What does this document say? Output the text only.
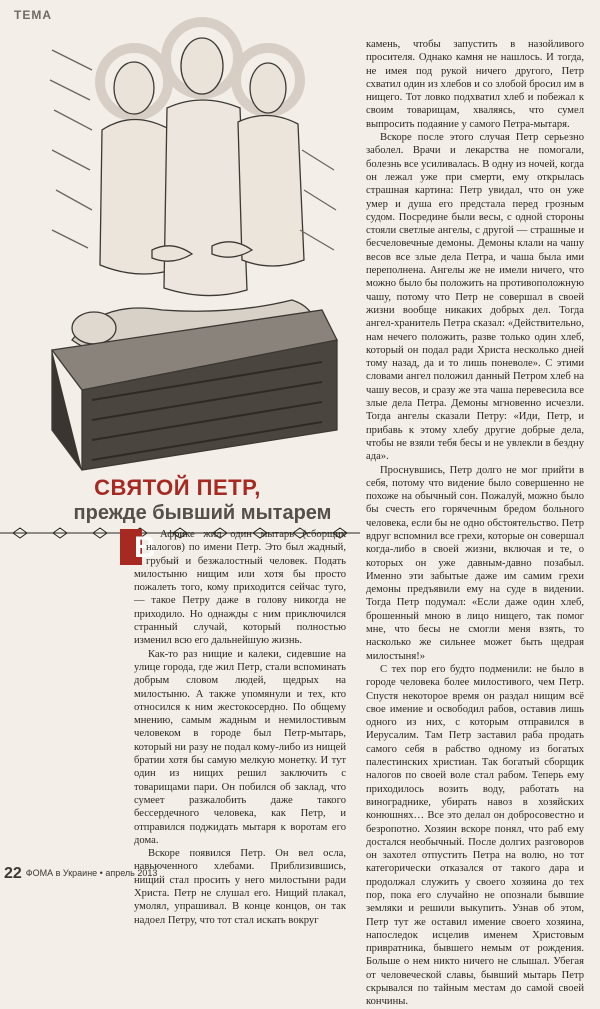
ТЕМА
СВЯТОЙ ПЕТР,
прежде бывший мытарем

В Африке жил один мытарь (сборщик налогов) по имени Петр. Это был жадный, грубый и безжалостный человек. Подать милостыню нищим или хотя бы просто пожалеть того, кому приходится сейчас туго, — такое Петру даже в голову никогда не приходило. Но однажды с ним приключился странный случай, который полностью изменил всю его дальнейшую жизнь.

Как-то раз нищие и калеки, сидевшие на улице города, где жил Петр, стали вспоминать добрым словом людей, щедрых на милостыню. А также упомянули и тех, кто относился к ним жестокосердно. По общему мнению, самым жадным и немилостивым человеком в городе был Петр-мытарь, который ни разу не подал кому-либо из нищей братии хотя бы самую мелкую монетку. И тут один из нищих решил заключить с товарищами пари. Он побился об заклад, что сумеет разжалобить даже такого бессердечного человека, как Петр, и отправился поджидать мытаря к воротам его дома.

Вскоре появился Петр. Он вел осла, навьюченного хлебами. Приблизившись, нищий стал просить у него милостыни ради Христа. Петр не слушал его. Нищий плакал, умолял, упрашивал. В конце концов, он так надоел Петру, что тот стал искать вокруг

камень, чтобы запустить в назойливого просителя. Однако камня не нашлось. И тогда, не имея под рукой ничего другого, Петр схватил один из хлебов и со злобой бросил им в нищего. Тот ловко подхватил хлеб и побежал к своим товарищам, хваляясь, что сумел выпросить подаяние у самого Петра-мытаря.

Вскоре после этого случая Петр серьезно заболел. Врачи и лекарства не помогали, болезнь все усиливалась. В одну из ночей, когда он лежал уже при смерти, ему открылась страшная картина: Петр увидал, что он уже умер и душа его предстала перед грозным судом. Посредине были весы, с одной стороны стояли светлые ангелы, с другой — страшные и бесчеловечные демоны. Демоны клали на чашу весов все злые дела Петра, и чаша была ими переполнена. Ангелы же не имели ничего, что можно было бы положить на противоположную чашу, потому что Петр не совершал в своей жизни вообще никаких добрых дел. Тогда ангел-хранитель Петра сказал: «Действительно, нам нечего положить, разве только один хлеб, который он подал ради Христа несколько дней тому назад, да и то лишь поневоле». С этими словами ангел положил данный Петром хлеб на чашу весов, и сразу же эта чаша перевесила все злые дела Петра. Демоны мгновенно исчезли. Тогда ангелы сказали Петру: «Иди, Петр, и прибавь к этому хлебу другие добрые дела, чтобы не взяли тебя бесы и не увлекли в бездну ада».

Проснувшись, Петр долго не мог прийти в себя, потому что видение было совершенно не похоже на обычный сон. Пожалуй, можно было бы счесть его горячечным бредом больного человека, если бы не одно обстоятельство. Петр вдруг вспомнил все грехи, которые он совершал когда-либо в своей жизни, включая и те, о которых он уже давным-давно позабыл. Именно эти забытые даже им самим грехи демоны предъявили ему на суде в видении. Тогда Петр подумал: «Если даже один хлеб, брошенный мною в лицо нищего, так помог мне, что бесы не смогли меня взять, то насколько же сильнее может быть щедрая милостыня!»

С тех пор его будто подменили: не было в городе человека более милостивого, чем Петр. Спустя некоторое время он раздал нищим всё свое имение и освободил рабов, оставив лишь одного из них, с которым отправился в Иерусалим. Там Петр заставил раба продать самого себя в рабство одному из богатых палестинских христиан. Так богатый сборщик налогов по своей воле стал рабом. Теперь ему приходилось возить воду, работать на винограднике, убирать навоз в хозяйских конюшнях… Все это делал он добросовестно и безропотно. Хозяин вскоре понял, что раб ему достался необычный. После долгих разговоров он захотел отпустить Петра на волю, но тот категорически отказался от такого дара и продолжал служить у своего хозяина до тех пор, пока его случайно не опознали бывшие земляки и решили выкупить. Узнав об этом, Петр тут же оставил имение своего хозяина, напоследок исцелив именем Христовым привратника, бывшего немым от рождения. Больше о нем никто ничего не слышал. Убегая от человеческой славы, бывший мытарь Петр скрывался по тайным местам до самой своей кончины.

22 ФОМА в Украине • апрель 2013
